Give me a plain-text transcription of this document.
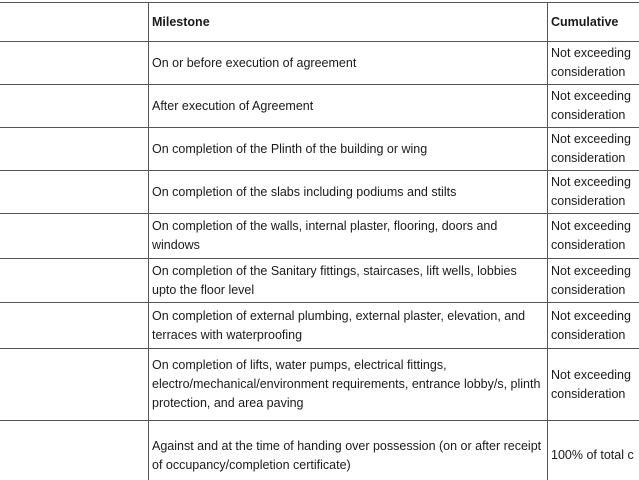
	Milestone	Cumulative
	On or before execution of agreement	Not exceeding
consideration

	After execution of Agreement	Not exceeding
consideration

	On completion of the Plinth of the building or wing	Not exceeding
consideration

	On completion of the slabs including podiums and stilts	Not exceeding
consideration

	On completion of the walls, internal plaster, flooring, doors and windows	Not exceeding
consideration

	On completion of the Sanitary fittings, staircases, lift wells, lobbies upto the floor level	Not exceeding
consideration

	On completion of external plumbing, external plaster, elevation, and terraces with waterproofing	Not exceeding
consideration

	On completion of lifts, water pumps, electrical fittings, electro/mechanical/environment requirements, entrance lobby/s, plinth protection, and area paving	Not exceeding
consideration

	Against and at the time of handing over possession (on or after receipt of occupancy/completion certificate)	100% of total c
